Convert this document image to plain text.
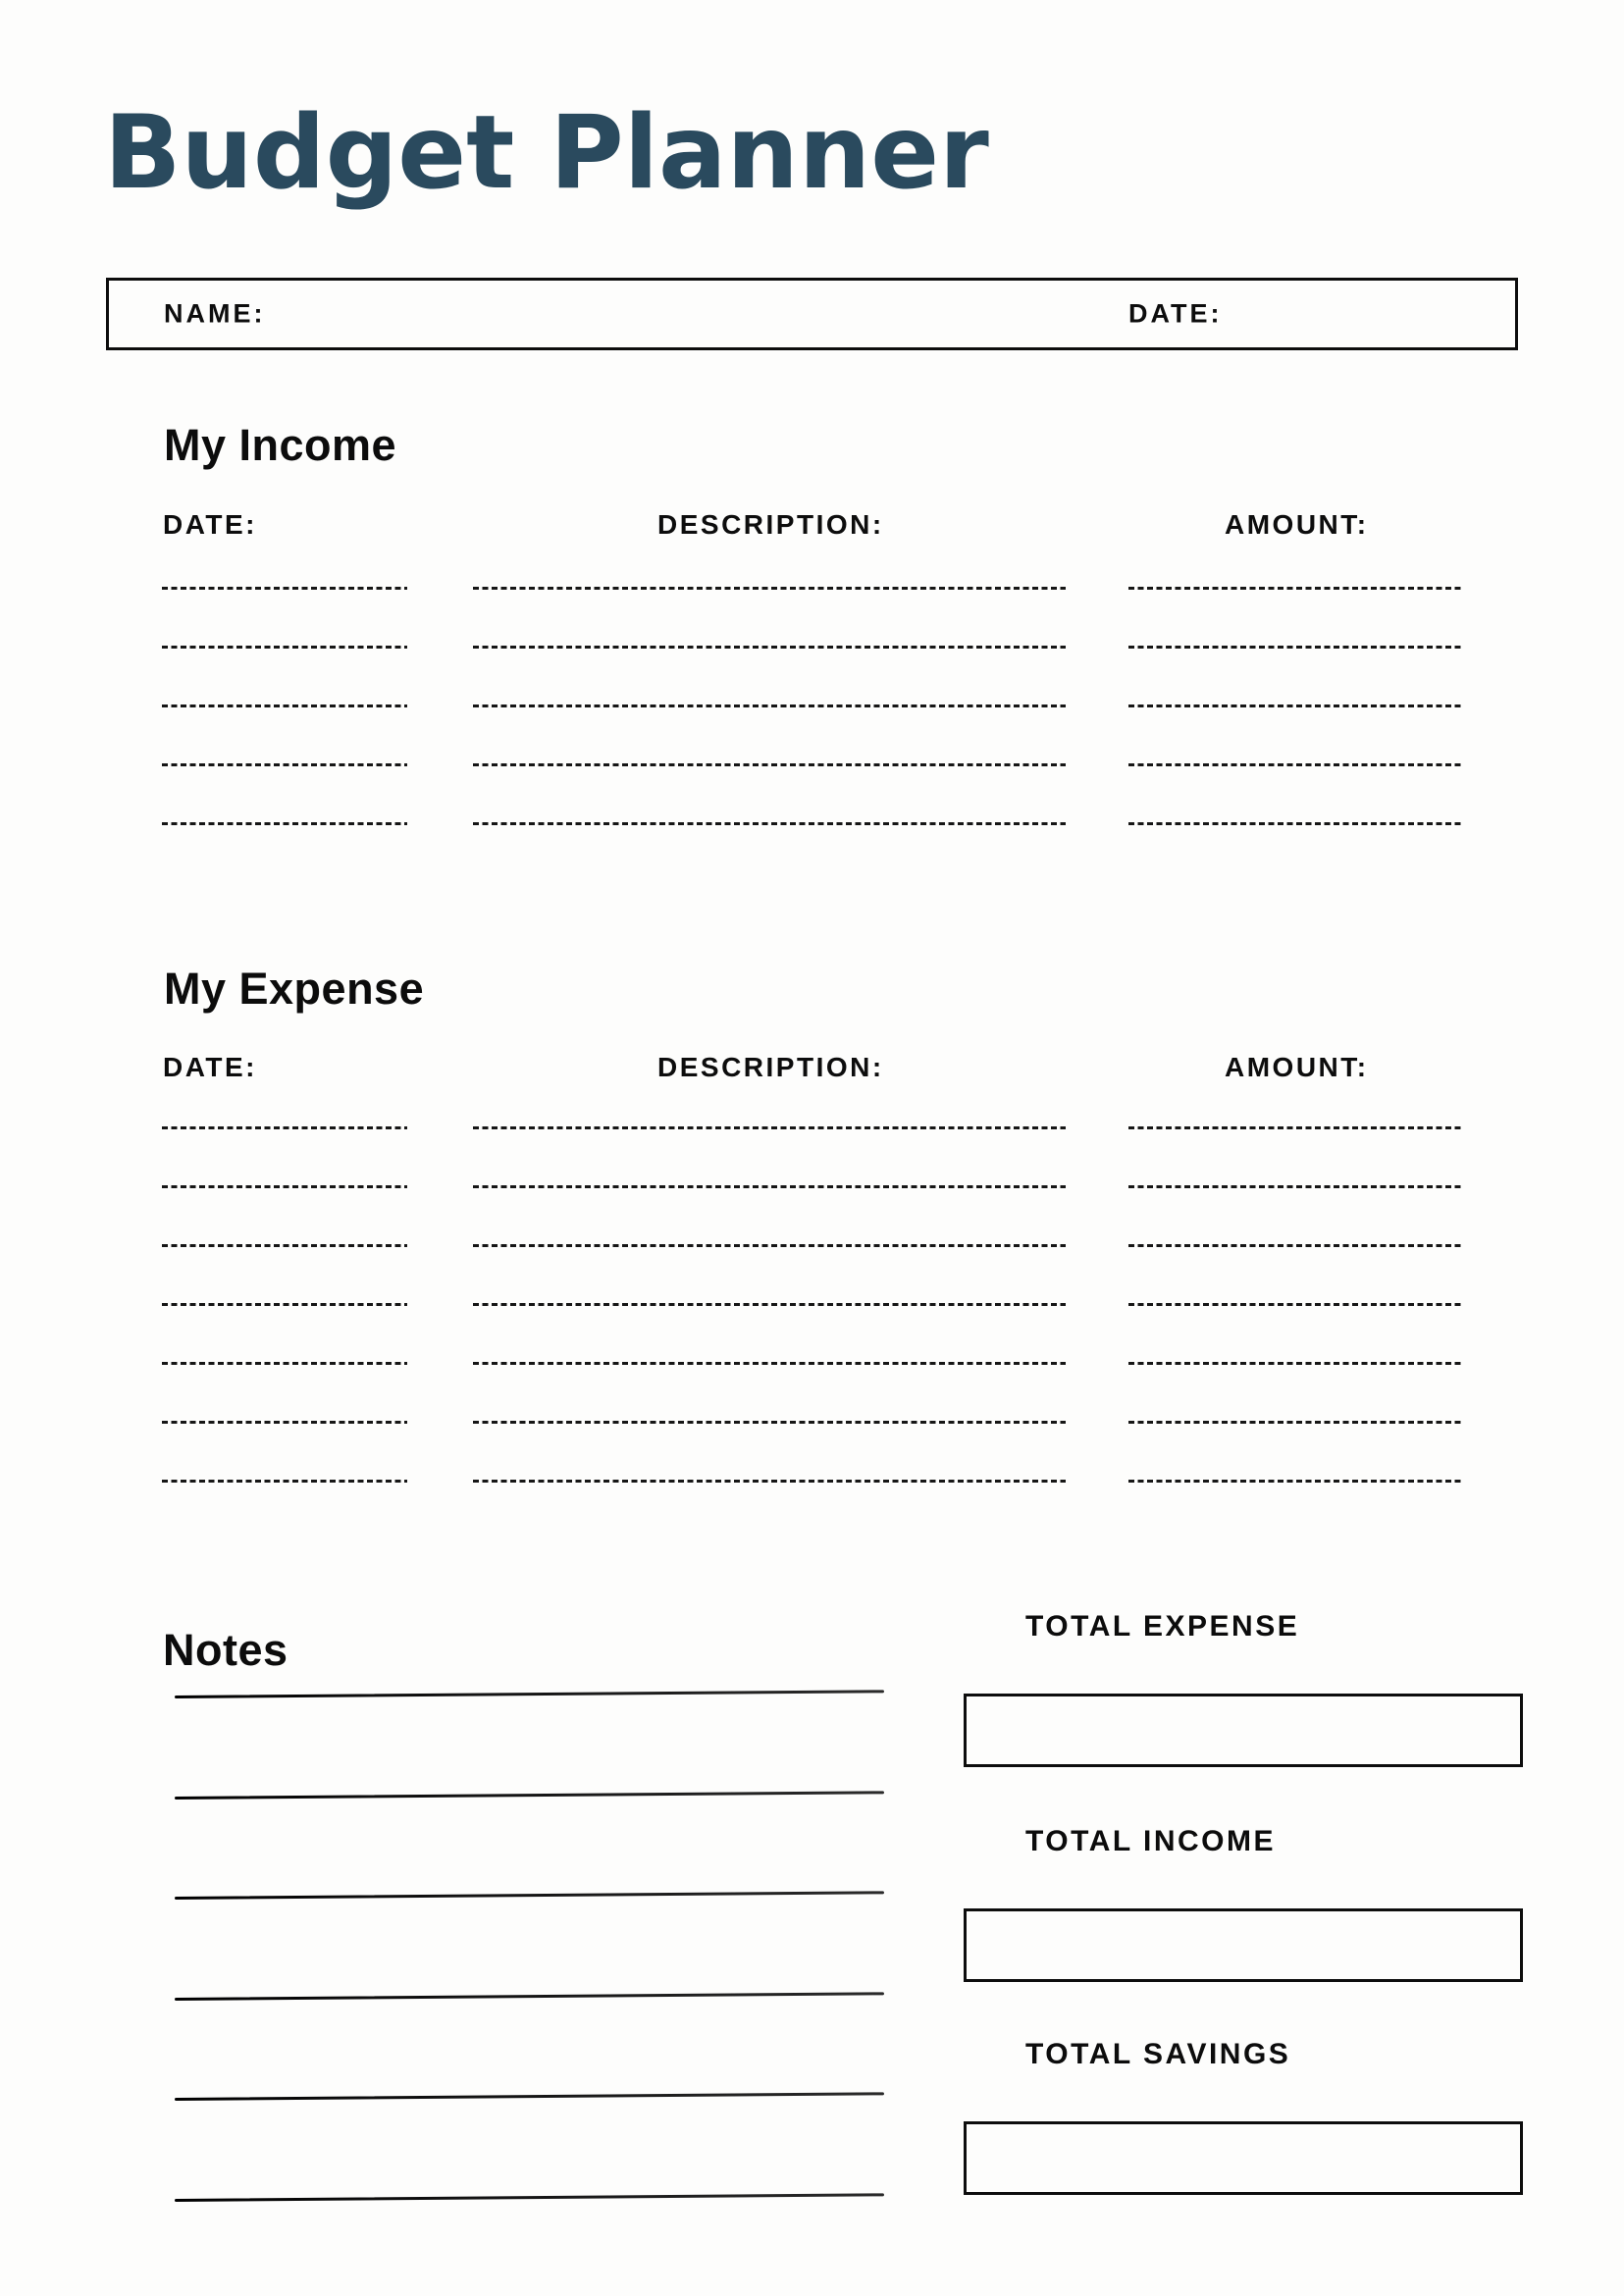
Budget Planner
NAME:	DATE:
My Income
DATE:	DESCRIPTION:	AMOUNT:
My Expense
DATE:	DESCRIPTION:	AMOUNT:
Notes	TOTAL EXPENSE
TOTAL INCOME
TOTAL SAVINGS
